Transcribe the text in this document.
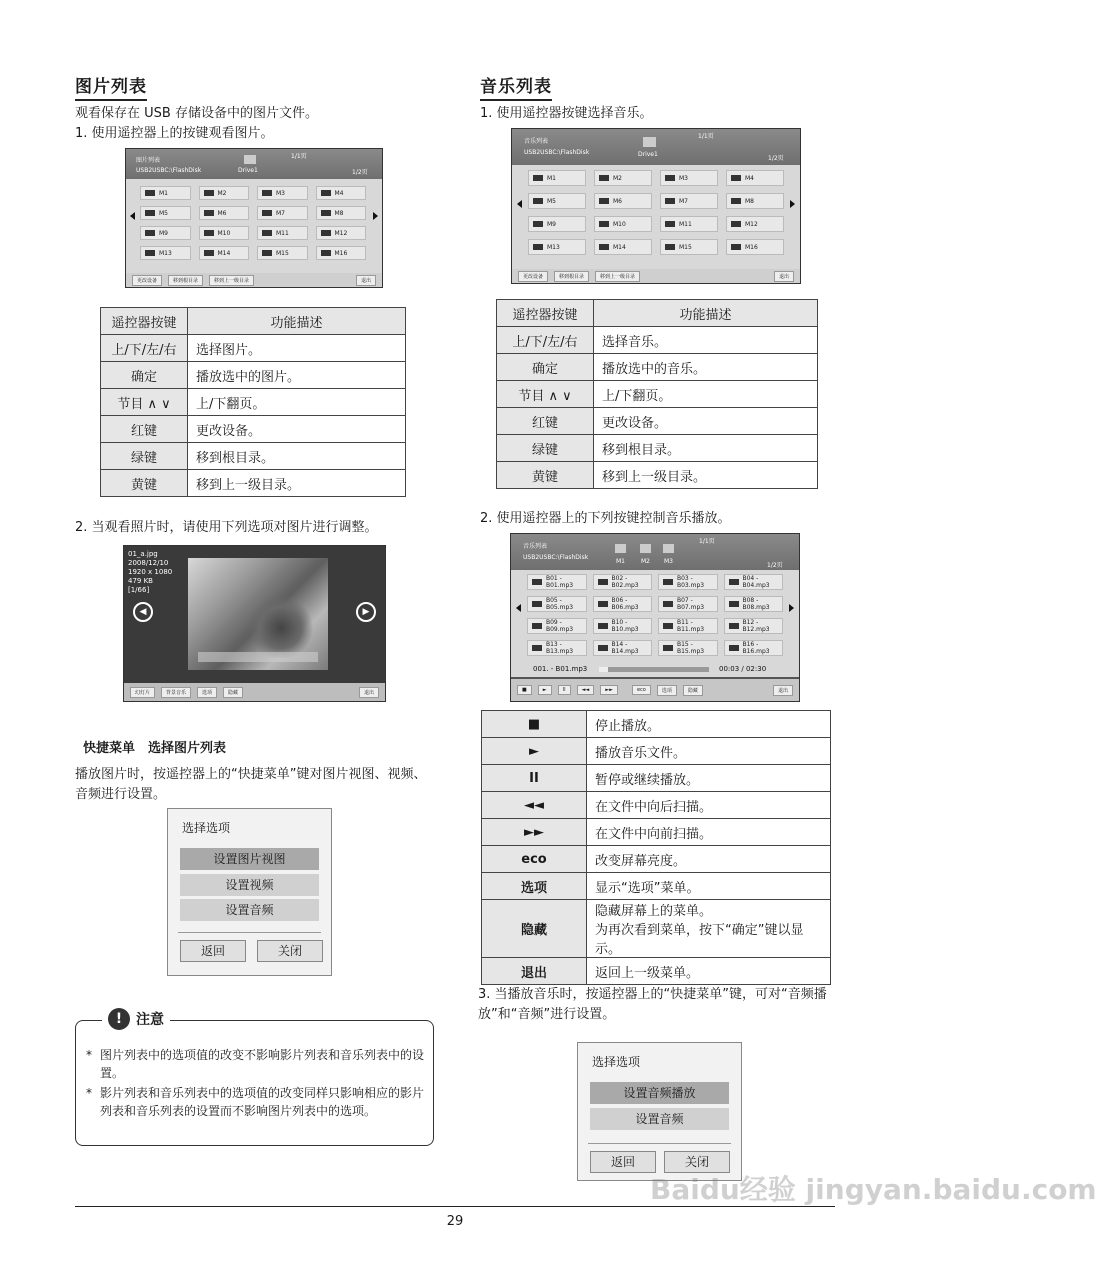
图片列表
观看保存在 USB 存储设备中的图片文件。
1. 使用遥控器上的按键观看图片。
图片列表
USB2USBC:\FlashDisk	Drive1
1/1页
1/2页
M1	M2	M3	M4
M5	M6	M7	M8
M9	M10	M11	M12
M13	M14	M15	M16
更改设备	移到根目录	移到上一级目录	退出
遥控器按键	功能描述
上/下/左/右	选择图片。
确定	播放选中的图片。
节目 ∧ ∨	上/下翻页。
红键	更改设备。
绿键	移到根目录。
黄键	移到上一级目录。
2. 当观看照片时，请使用下列选项对图片进行调整。
01_a.jpg
2008/12/10
1920 x 1080
479 KB
[1/66]
◀	▶
幻灯片	背景音乐	选项	隐藏	退出
快捷菜单　选择图片列表
播放图片时，按遥控器上的“快捷菜单”键对图片视图、视频、音频进行设置。
选择选项
设置图片视图
设置视频
设置音频
返回	关闭
! 注意
* 图片列表中的选项值的改变不影响影片列表和音乐列表中的设置。
* 影片列表和音乐列表中的选项值的改变同样只影响相应的影片列表和音乐列表的设置而不影响图片列表中的选项。
音乐列表
1. 使用遥控器按键选择音乐。
音乐列表
USB2USBC:\FlashDisk	Drive1
1/1页
1/2页
M1	M2	M3	M4
M5	M6	M7	M8
M9	M10	M11	M12
M13	M14	M15	M16
更改设备	移到根目录	移到上一级目录	退出
遥控器按键	功能描述
上/下/左/右	选择音乐。
确定	播放选中的音乐。
节目 ∧ ∨	上/下翻页。
红键	更改设备。
绿键	移到根目录。
黄键	移到上一级目录。
2. 使用遥控器上的下列按键控制音乐播放。
音乐列表
USB2USBC:\FlashDisk
M1	M2 M3
1/1页
1/2页
B01 - B01.mp3
B02 - B02.mp3
B03 - B03.mp3
B04 - B04.mp3
B05 - B05.mp3
B06 - B06.mp3
B07 - B07.mp3
B08 - B08.mp3
B09 - B09.mp3
B10 - B10.mp3
B11 - B11.mp3
B12 - B12.mp3
B13 - B13.mp3
B14 - B14.mp3
B15 - B15.mp3
B16 - B16.mp3
001. - B01.mp3	00:03 / 02:30
■	►	II	◄◄	►►	eco	选项	隐藏	退出
■	停止播放。
►	播放音乐文件。
II	暂停或继续播放。
◄◄	在文件中向后扫描。
►►	在文件中向前扫描。
eco	改变屏幕亮度。
选项	显示“选项”菜单。
隐藏	隐藏屏幕上的菜单。
为再次看到菜单，按下“确定”键以显示。
退出	返回上一级菜单。
3. 当播放音乐时，按遥控器上的“快捷菜单”键，可对“音频播放”和“音频”进行设置。
选择选项
设置音频播放
设置音频
返回	关闭
29
Baidu经验 jingyan.baidu.com
